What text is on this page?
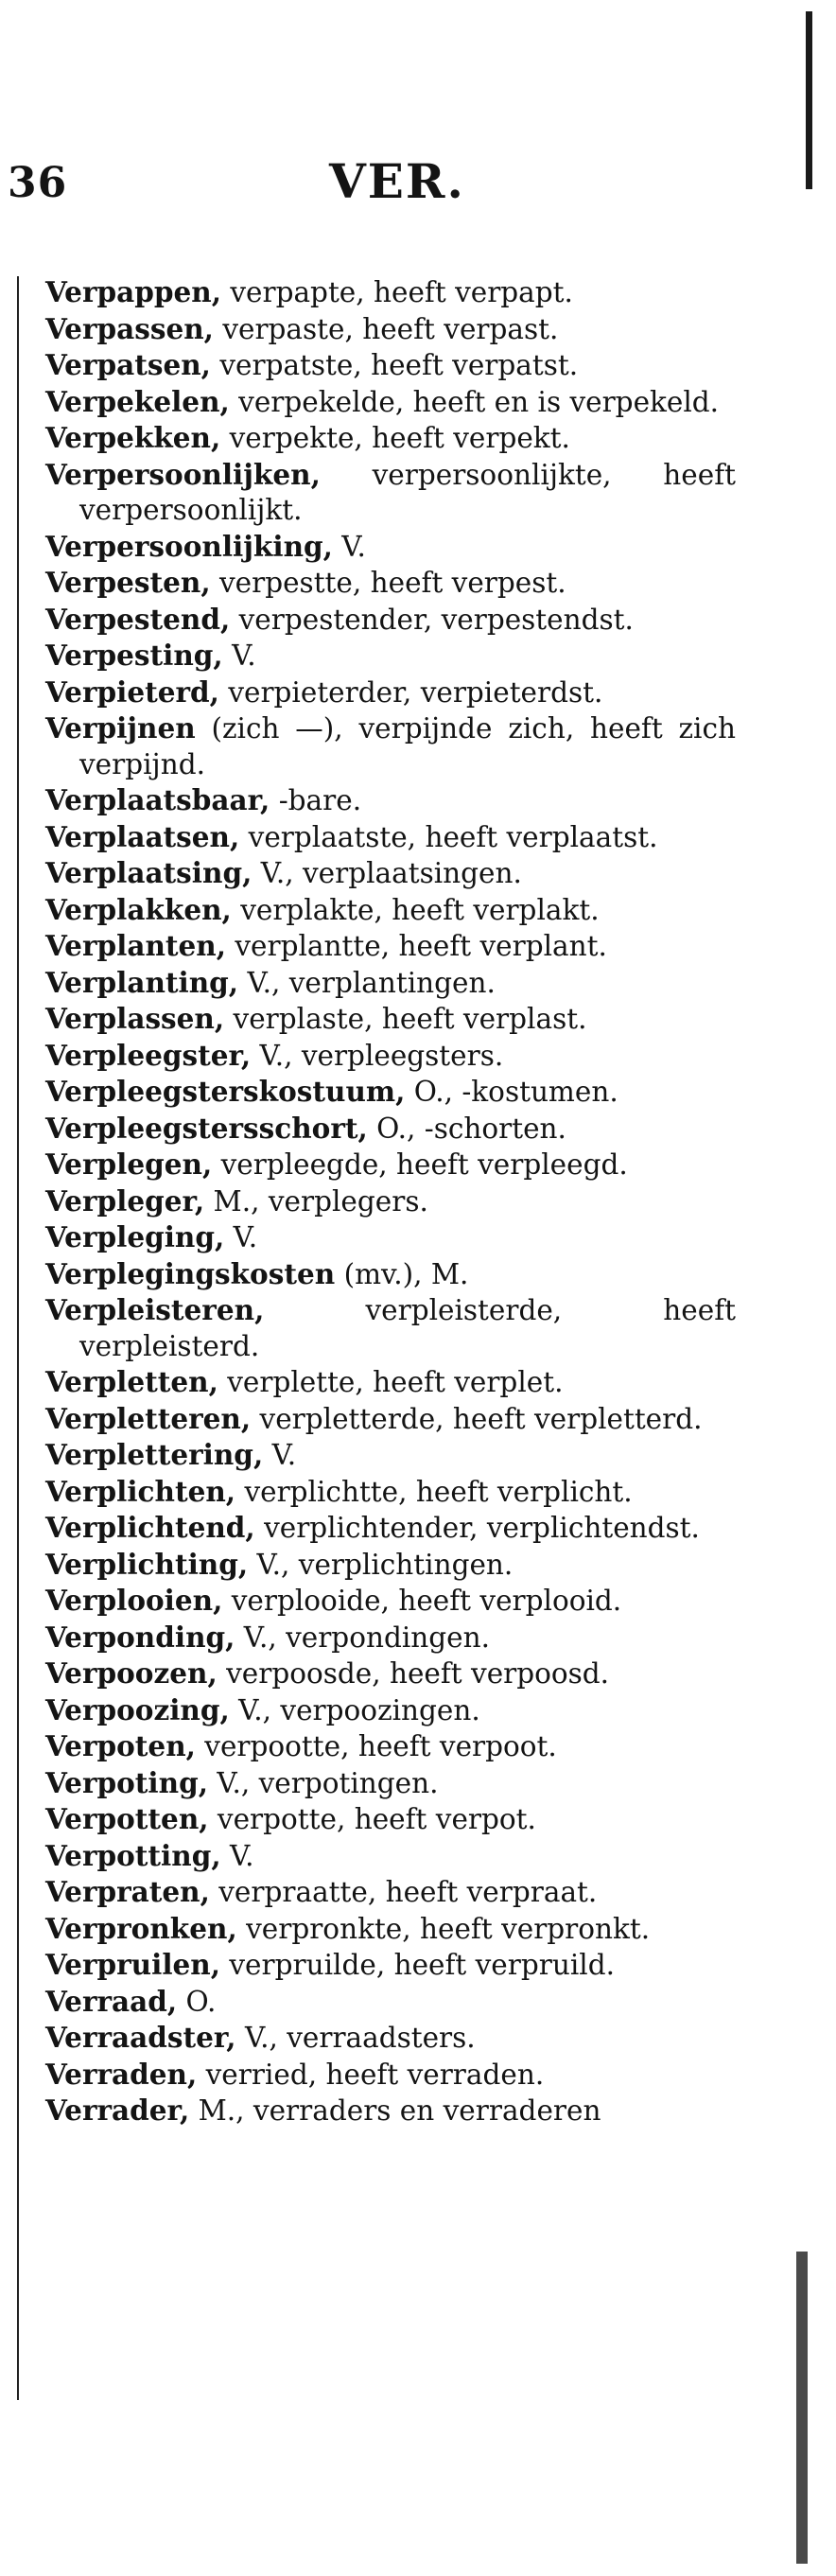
36	VER.
Verpappen, verpapte, heeft verpapt.
Verpassen, verpaste, heeft verpast.
Verpatsen, verpatste, heeft verpatst.
Verpekelen, verpekelde, heeft en is verpekeld.
Verpekken, verpekte, heeft verpekt.
Verpersoonlijken, verpersoonlijkte, heeft verpersoonlijkt.
Verpersoonlijking, V.
Verpesten, verpestte, heeft verpest.
Verpestend, verpestender, verpestendst.
Verpesting, V.
Verpieterd, verpieterder, verpieterdst.
Verpijnen (zich —), verpijnde zich, heeft zich verpijnd.
Verplaatsbaar, -bare.
Verplaatsen, verplaatste, heeft verplaatst.
Verplaatsing, V., verplaatsingen.
Verplakken, verplakte, heeft verplakt.
Verplanten, verplantte, heeft verplant.
Verplanting, V., verplantingen.
Verplassen, verplaste, heeft verplast.
Verpleegster, V., verpleegsters.
Verpleegsterskostuum, O., -kostumen.
Verpleegstersschort, O., -schorten.
Verplegen, verpleegde, heeft verpleegd.
Verpleger, M., verplegers.
Verpleging, V.
Verplegingskosten (mv.), M.
Verpleisteren, verpleisterde, heeft verpleisterd.
Verpletten, verplette, heeft verplet.
Verpletteren, verpletterde, heeft verpletterd.
Verplettering, V.
Verplichten, verplichtte, heeft verplicht.
Verplichtend, verplichtender, verplichtendst.
Verplichting, V., verplichtingen.
Verplooien, verplooide, heeft verplooid.
Verponding, V., verpondingen.
Verpoozen, verpoosde, heeft verpoosd.
Verpoozing, V., verpoozingen.
Verpoten, verpootte, heeft verpoot.
Verpoting, V., verpotingen.
Verpotten, verpotte, heeft verpot.
Verpotting, V.
Verpraten, verpraatte, heeft verpraat.
Verpronken, verpronkte, heeft verpronkt.
Verpruilen, verpruilde, heeft verpruild.
Verraad, O.
Verraadster, V., verraadsters.
Verraden, verried, heeft verraden.
Verrader, M., verraders en verraderen
